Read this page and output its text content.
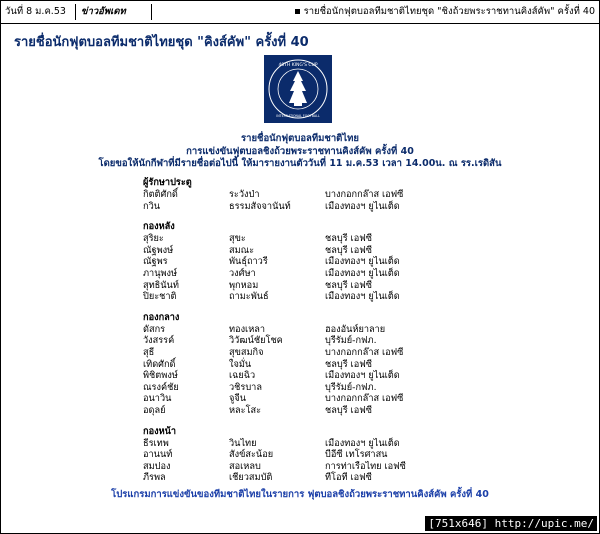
วันที่ 8 ม.ค.53	ข่าวอัพเดท	รายชื่อนักฟุตบอลทีมชาติไทยชุด "ชิงถ้วยพระราชทานคิงส์คัพ" ครั้งที่ 40
รายชื่อนักฟุตบอลทีมชาติไทยชุด "คิงส์คัพ" ครั้งที่ 40
40TH KING'S CUP
INTERNATIONAL FOOTBALL
รายชื่อนักฟุตบอลทีมชาติไทย
การแข่งขันฟุตบอลชิงถ้วยพระราชทานคิงส์คัพ ครั้งที่ 40
โดยขอให้นักกีฬาที่มีรายชื่อต่อไปนี้ ให้มารายงานตัววันที่ 11 ม.ค.53 เวลา 14.00น. ณ รร.เรดิสัน
ผู้รักษาประตู
กิตติศักดิ์	ระวังป่า	บางกอกกล๊าส เอฟซี
กวิน	ธรรมสัจจานันท์	เมืองทองฯ ยูไนเต็ด
กองหลัง
สุริยะ	สุขะ	ชลบุรี เอฟซี
ณัฐพงษ์	สมณะ	ชลบุรี เอฟซี
ณัฐพร	พันธุ์ถาวรี	เมืองทองฯ ยูไนเต็ด
ภานุพงษ์	วงศ์ษา	เมืองทองฯ ยูไนเต็ด
สุทธินันท์	พุกหอม	ชลบุรี เอฟซี
ปิยะชาติ	ถามะพันธ์	เมืองทองฯ ยูไนเต็ด
กองกลาง
ดัสกร	ทองเหลา	ฮองอันห์ยาลาย
วังสรรค์	วิวัฒน์ชัยโชค	บุรีรัมย์-กฟภ.
สุธี	สุขสมกิจ	บางกอกกล๊าส เอฟซี
เทิดศักดิ์	ใจมั่น	ชลบุรี เอฟซี
พิชิตพงษ์	เฉยฉิว	เมืองทองฯ ยูไนเต็ด
ณรงค์ชัย	วชิรบาล	บุรีรัมย์-กฟภ.
อนาวิน	จูจีน	บางกอกกล๊าส เอฟซี
อดุลย์	หละโสะ	ชลบุรี เอฟซี
กองหน้า
ธีรเทพ	วินไทย	เมืองทองฯ ยูไนเต็ด
อานนท์	สังข์สะน้อย	บีอีซี เทโรศาสน
สมปอง	สอเหลบ	การท่าเรือไทย เอฟซี
ภีรพล	เชียวสมบัติ	ทีโอที เอฟซี
โปรแกรมการแข่งขันของทีมชาติไทยในรายการ ฟุตบอลชิงถ้วยพระราชทานคิงส์คัพ ครั้งที่ 40
[751x646] http://upic.me/
